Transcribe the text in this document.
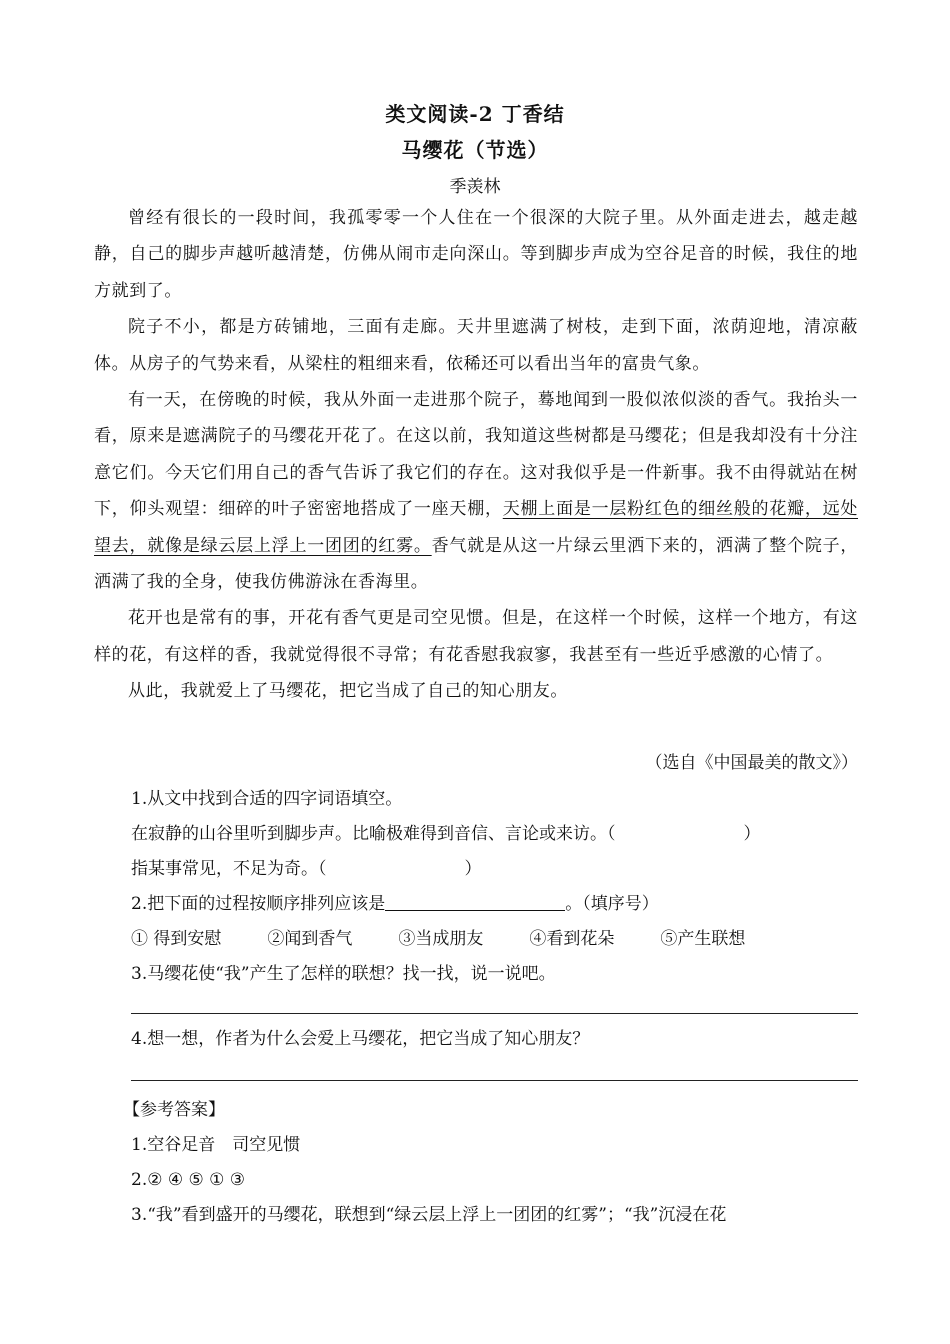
类文阅读-2 丁香结
马缨花（节选）
季羡林

曾经有很长的一段时间，我孤零零一个人住在一个很深的大院子里。从外面走进去，越走越静，自己的脚步声越听越清楚，仿佛从闹市走向深山。等到脚步声成为空谷足音的时候，我住的地方就到了。

院子不小，都是方砖铺地，三面有走廊。天井里遮满了树枝，走到下面，浓荫迎地，清凉蔽体。从房子的气势来看，从梁柱的粗细来看，依稀还可以看出当年的富贵气象。

有一天，在傍晚的时候，我从外面一走进那个院子，蓦地闻到一股似浓似淡的香气。我抬头一看，原来是遮满院子的马缨花开花了。在这以前，我知道这些树都是马缨花；但是我却没有十分注意它们。今天它们用自己的香气告诉了我它们的存在。这对我似乎是一件新事。我不由得就站在树下，仰头观望：细碎的叶子密密地搭成了一座天棚，天棚上面是一层粉红色的细丝般的花瓣，远处望去，就像是绿云层上浮上一团团的红雾。香气就是从这一片绿云里洒下来的，洒满了整个院子，洒满了我的全身，使我仿佛游泳在香海里。

花开也是常有的事，开花有香气更是司空见惯。但是，在这样一个时候，这样一个地方，有这样的花，有这样的香，我就觉得很不寻常；有花香慰我寂寥，我甚至有一些近乎感激的心情了。

从此，我就爱上了马缨花，把它当成了自己的知心朋友。

（选自《中国最美的散文》）
1.从文中找到合适的四字词语填空。
在寂静的山谷里听到脚步声。比喻极难得到音信、言论或来访。（	）
指某事常见，不足为奇。（	）
2.把下面的过程按顺序排列应该是	。（填序号）
① 得到安慰	②闻到香气	③当成朋友	④看到花朵	⑤产生联想
3.马缨花使“我”产生了怎样的联想？找一找，说一说吧。
4.想一想，作者为什么会爱上马缨花，把它当成了知心朋友？
【参考答案】
1.空谷足音　司空见惯
2.② ④ ⑤ ① ③
3.“我”看到盛开的马缨花，联想到“绿云层上浮上一团团的红雾”；“我”沉浸在花
